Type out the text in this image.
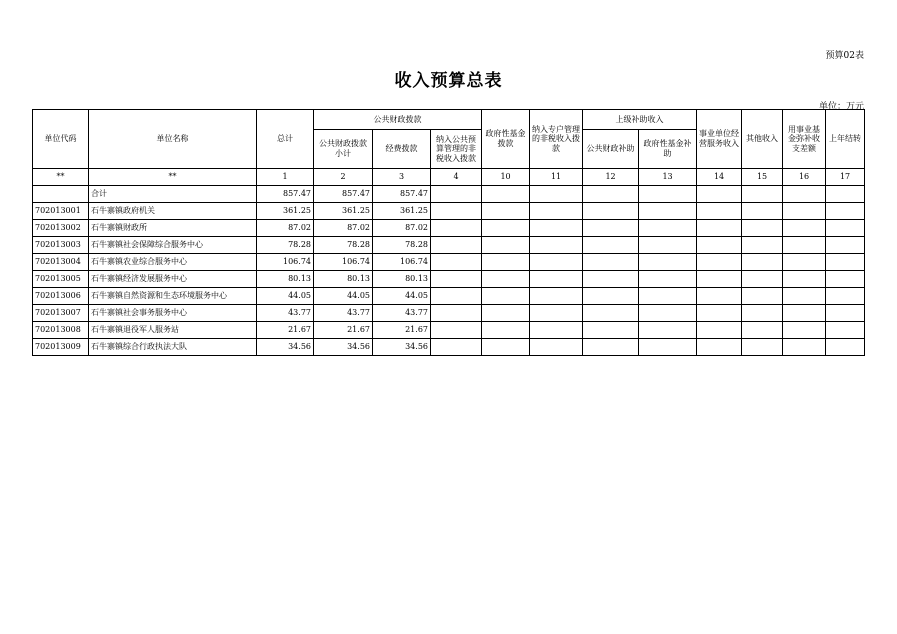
预算02表
收入预算总表
单位：万元
单位代码	单位名称	总计	公共财政拨款			政府性基金拨款	纳入专户管理的非税收入拨款	上级补助收入		事业单位经营服务收入	其他收入	用事业基金弥补收支差额	上年结转
			公共财政拨款小计	经费拨款	纳入公共预算管理的非税收入拨款			公共财政补助	政府性基金补助				
**	**	1	2	3	4	10	11	12	13	14	15	16	17
	合计	857.47	857.47	857.47									
702013001	石牛寨镇政府机关	361.25	361.25	361.25									
702013002	石牛寨镇财政所	87.02	87.02	87.02									
702013003	石牛寨镇社会保障综合服务中心	78.28	78.28	78.28									
702013004	石牛寨镇农业综合服务中心	106.74	106.74	106.74									
702013005	石牛寨镇经济发展服务中心	80.13	80.13	80.13									
702013006	石牛寨镇自然资源和生态环境服务中心	44.05	44.05	44.05									
702013007	石牛寨镇社会事务服务中心	43.77	43.77	43.77									
702013008	石牛寨镇退役军人服务站	21.67	21.67	21.67									
702013009	石牛寨镇综合行政执法大队	34.56	34.56	34.56									
